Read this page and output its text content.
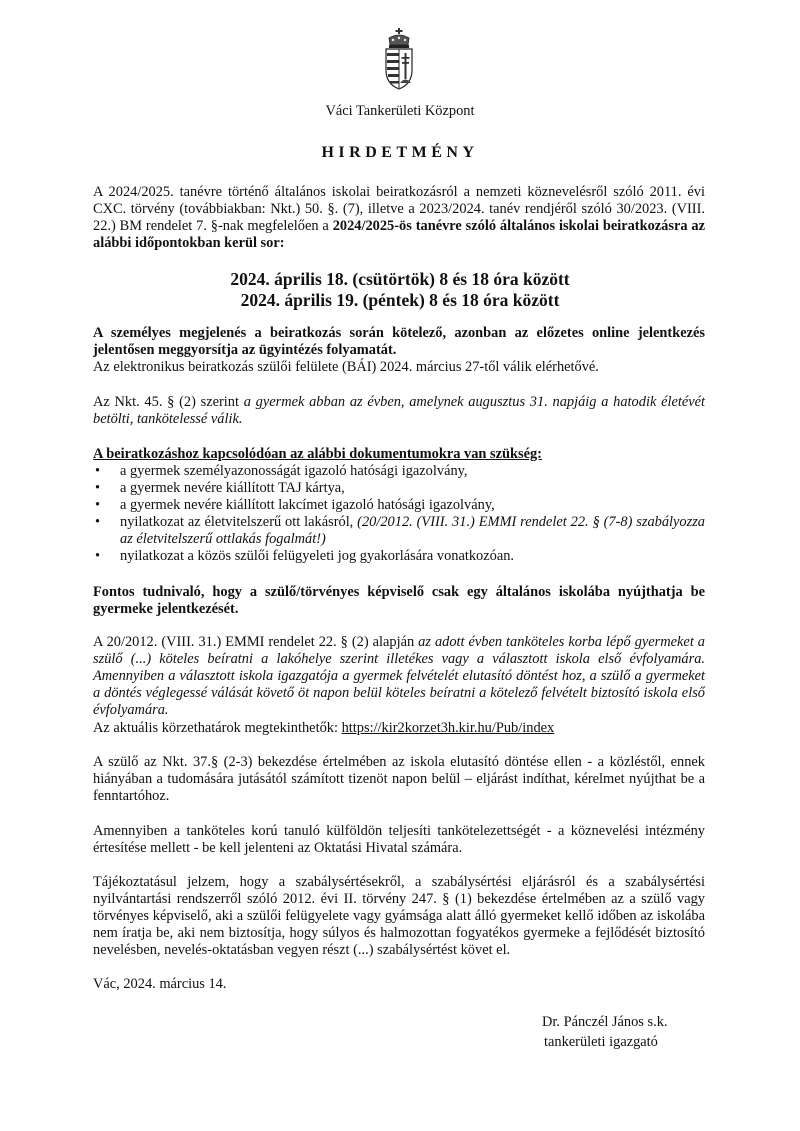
Váci Tankerületi Központ
HIRDETMÉNY
A 2024/2025. tanévre történő általános iskolai beiratkozásról a nemzeti köznevelésről szóló 2011. évi CXC. törvény (továbbiakban: Nkt.) 50. §. (7), illetve a 2023/2024. tanév rendjéről szóló 30/2023. (VIII. 22.) BM rendelet 7. §-nak megfelelően a 2024/2025-ös tanévre szóló általános iskolai beiratkozásra az alábbi időpontokban kerül sor:
2024. április 18. (csütörtök) 8 és 18 óra között
2024. április 19. (péntek) 8 és 18 óra között
A személyes megjelenés a beiratkozás során kötelező, azonban az előzetes online jelentkezés jelentősen meggyorsítja az ügyintézés folyamatát.
Az elektronikus beiratkozás szülői felülete (BÁI) 2024. március 27-től válik elérhetővé.
Az Nkt. 45. § (2) szerint a gyermek abban az évben, amelynek augusztus 31. napjáig a hatodik életévét betölti, tankötelessé válik.
A beiratkozáshoz kapcsolódóan az alábbi dokumentumokra van szükség:
• a gyermek személyazonosságát igazoló hatósági igazolvány,
• a gyermek nevére kiállított TAJ kártya,
• a gyermek nevére kiállított lakcímet igazoló hatósági igazolvány,
• nyilatkozat az életvitelszerű ott lakásról, (20/2012. (VIII. 31.) EMMI rendelet 22. § (7-8) szabályozza az életvitelszerű ottlakás fogalmát!)
• nyilatkozat a közös szülői felügyeleti jog gyakorlására vonatkozóan.
Fontos tudnivaló, hogy a szülő/törvényes képviselő csak egy általános iskolába nyújthatja be gyermeke jelentkezését.
A 20/2012. (VIII. 31.) EMMI rendelet 22. § (2) alapján az adott évben tanköteles korba lépő gyermeket a szülő (...) köteles beíratni a lakóhelye szerint illetékes vagy a választott iskola első évfolyamára. Amennyiben a választott iskola igazgatója a gyermek felvételét elutasító döntést hoz, a szülő a gyermeket a döntés véglegessé válását követő öt napon belül köteles beíratni a kötelező felvételt biztosító iskola első évfolyamára.
Az aktuális körzethatárok megtekinthetők: https://kir2korzet3h.kir.hu/Pub/index
A szülő az Nkt. 37.§ (2-3) bekezdése értelmében az iskola elutasító döntése ellen - a közléstől, ennek hiányában a tudomására jutásától számított tizenöt napon belül – eljárást indíthat, kérelmet nyújthat be a fenntartóhoz.
Amennyiben a tanköteles korú tanuló külföldön teljesíti tankötelezettségét - a köznevelési intézmény értesítése mellett - be kell jelenteni az Oktatási Hivatal számára.
Tájékoztatásul jelzem, hogy a szabálysértésekről, a szabálysértési eljárásról és a szabálysértési nyilvántartási rendszerről szóló 2012. évi II. törvény 247. § (1) bekezdése értelmében az a szülő vagy törvényes képviselő, aki a szülői felügyelete vagy gyámsága alatt álló gyermeket kellő időben az iskolába nem íratja be, aki nem biztosítja, hogy súlyos és halmozottan fogyatékos gyermeke a fejlődését biztosító nevelésben, nevelés-oktatásban vegyen részt (...) szabálysértést követ el.
Vác, 2024. március 14.
Dr. Pánczél János s.k.
tankerületi igazgató
